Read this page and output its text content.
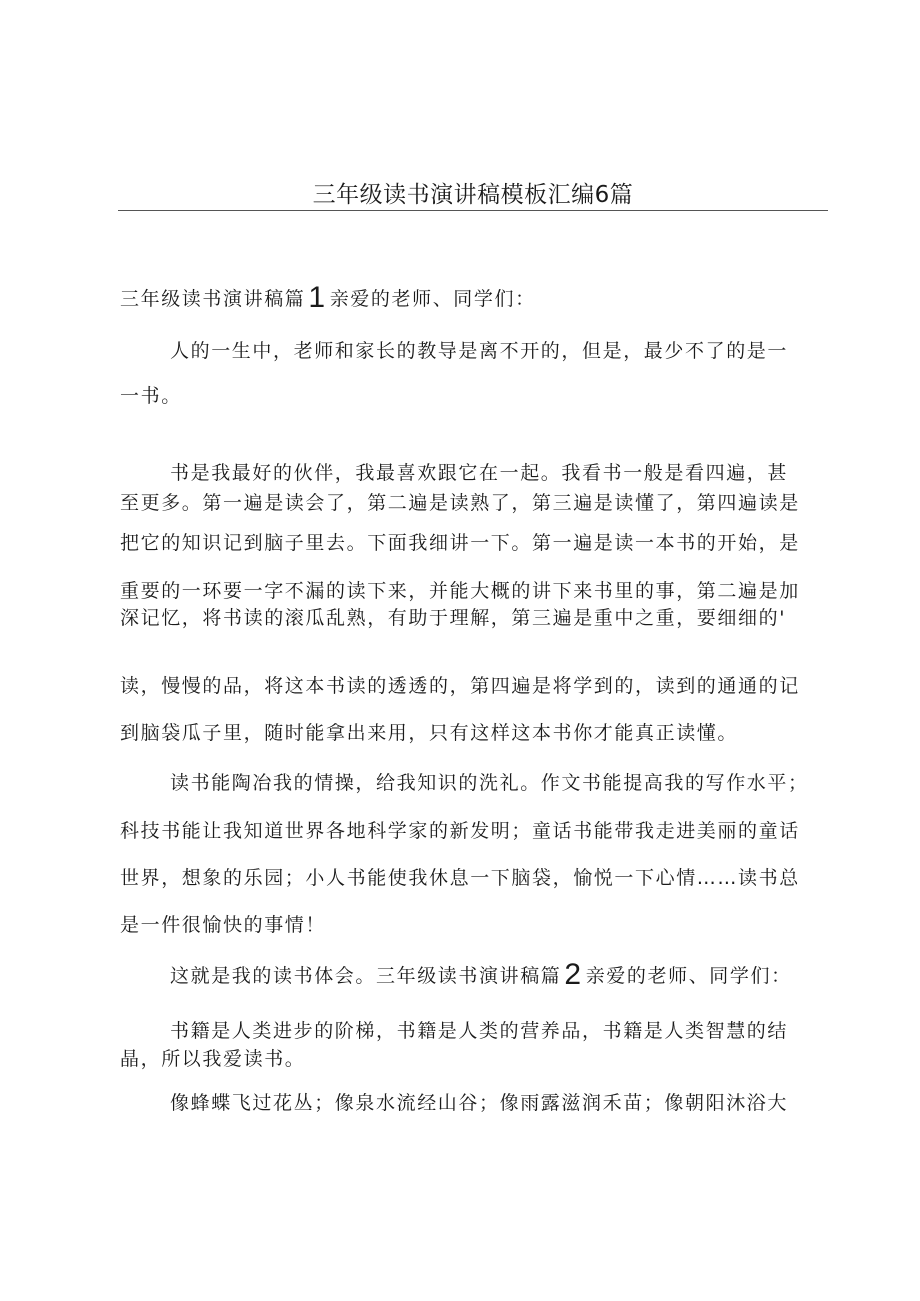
三年级读书演讲稿模板汇编6篇
三年级读书演讲稿篇 1 亲爱的老师、同学们：
人的一生中，老师和家长的教导是离不开的，但是，最少不了的是一
一书。
书是我最好的伙伴，我最喜欢跟它在一起。我看书一般是看四遍，甚
至更多。第一遍是读会了，第二遍是读熟了，第三遍是读懂了，第四遍读是
把它的知识记到脑子里去。下面我细讲一下。第一遍是读一本书的开始，是
重要的一环要一字不漏的读下来，并能大概的讲下来书里的事，第二遍是加
深记忆，将书读的滚瓜乱熟，有助于理解，第三遍是重中之重，要细细的'
读，慢慢的品，将这本书读的透透的，第四遍是将学到的，读到的通通的记
到脑袋瓜子里，随时能拿出来用，只有这样这本书你才能真正读懂。
读书能陶冶我的情操，给我知识的洗礼。作文书能提高我的写作水平；
科技书能让我知道世界各地科学家的新发明；童话书能带我走进美丽的童话
世界，想象的乐园；小人书能使我休息一下脑袋，愉悦一下心情……读书总
是一件很愉快的事情！
这就是我的读书体会。三年级读书演讲稿篇 2 亲爱的老师、同学们：
书籍是人类进步的阶梯，书籍是人类的营养品，书籍是人类智慧的结
晶，所以我爱读书。
像蜂蝶飞过花丛；像泉水流经山谷；像雨露滋润禾苗；像朝阳沐浴大
